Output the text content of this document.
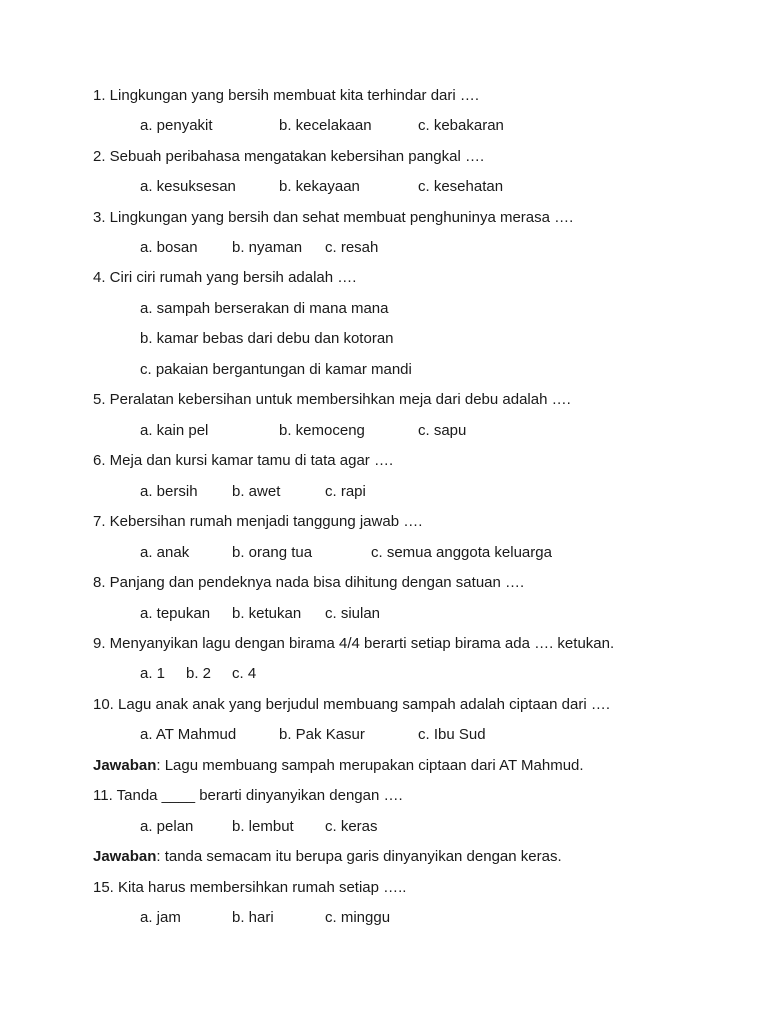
1. Lingkungan yang bersih membuat kita terhindar dari ….
a. penyakit	b. kecelakaan	c. kebakaran
2. Sebuah peribahasa mengatakan kebersihan pangkal ….
a. kesuksesan	b. kekayaan	c. kesehatan
3. Lingkungan yang bersih dan sehat membuat penghuninya merasa ….
a. bosan b. nyaman c. resah
4. Ciri ciri rumah yang bersih adalah ….
a. sampah berserakan di mana mana
b. kamar bebas dari debu dan kotoran
c. pakaian bergantungan di kamar mandi
5. Peralatan kebersihan untuk membersihkan meja dari debu adalah ….
a. kain pel	b. kemoceng	c. sapu
6. Meja dan kursi kamar tamu di tata agar ….
a. bersih b. awet	c. rapi
7. Kebersihan rumah menjadi tanggung jawab ….
a. anak	b. orang tua	c. semua anggota keluarga
8. Panjang dan pendeknya nada bisa dihitung dengan satuan ….
a. tepukan b. ketukan c. siulan
9. Menyanyikan lagu dengan birama 4/4 berarti setiap birama ada …. ketukan.
a. 1 b. 2 c. 4
10. Lagu anak anak yang berjudul membuang sampah adalah ciptaan dari ….
a. AT Mahmud	b. Pak Kasur	c. Ibu Sud
Jawaban: Lagu membuang sampah merupakan ciptaan dari AT Mahmud.
11. Tanda ____ berarti dinyanyikan dengan ….
a. pelan	b. lembut c. keras
Jawaban: tanda semacam itu berupa garis dinyanyikan dengan keras.
15. Kita harus membersihkan rumah setiap …..
a. jam	b. hari	c. minggu
